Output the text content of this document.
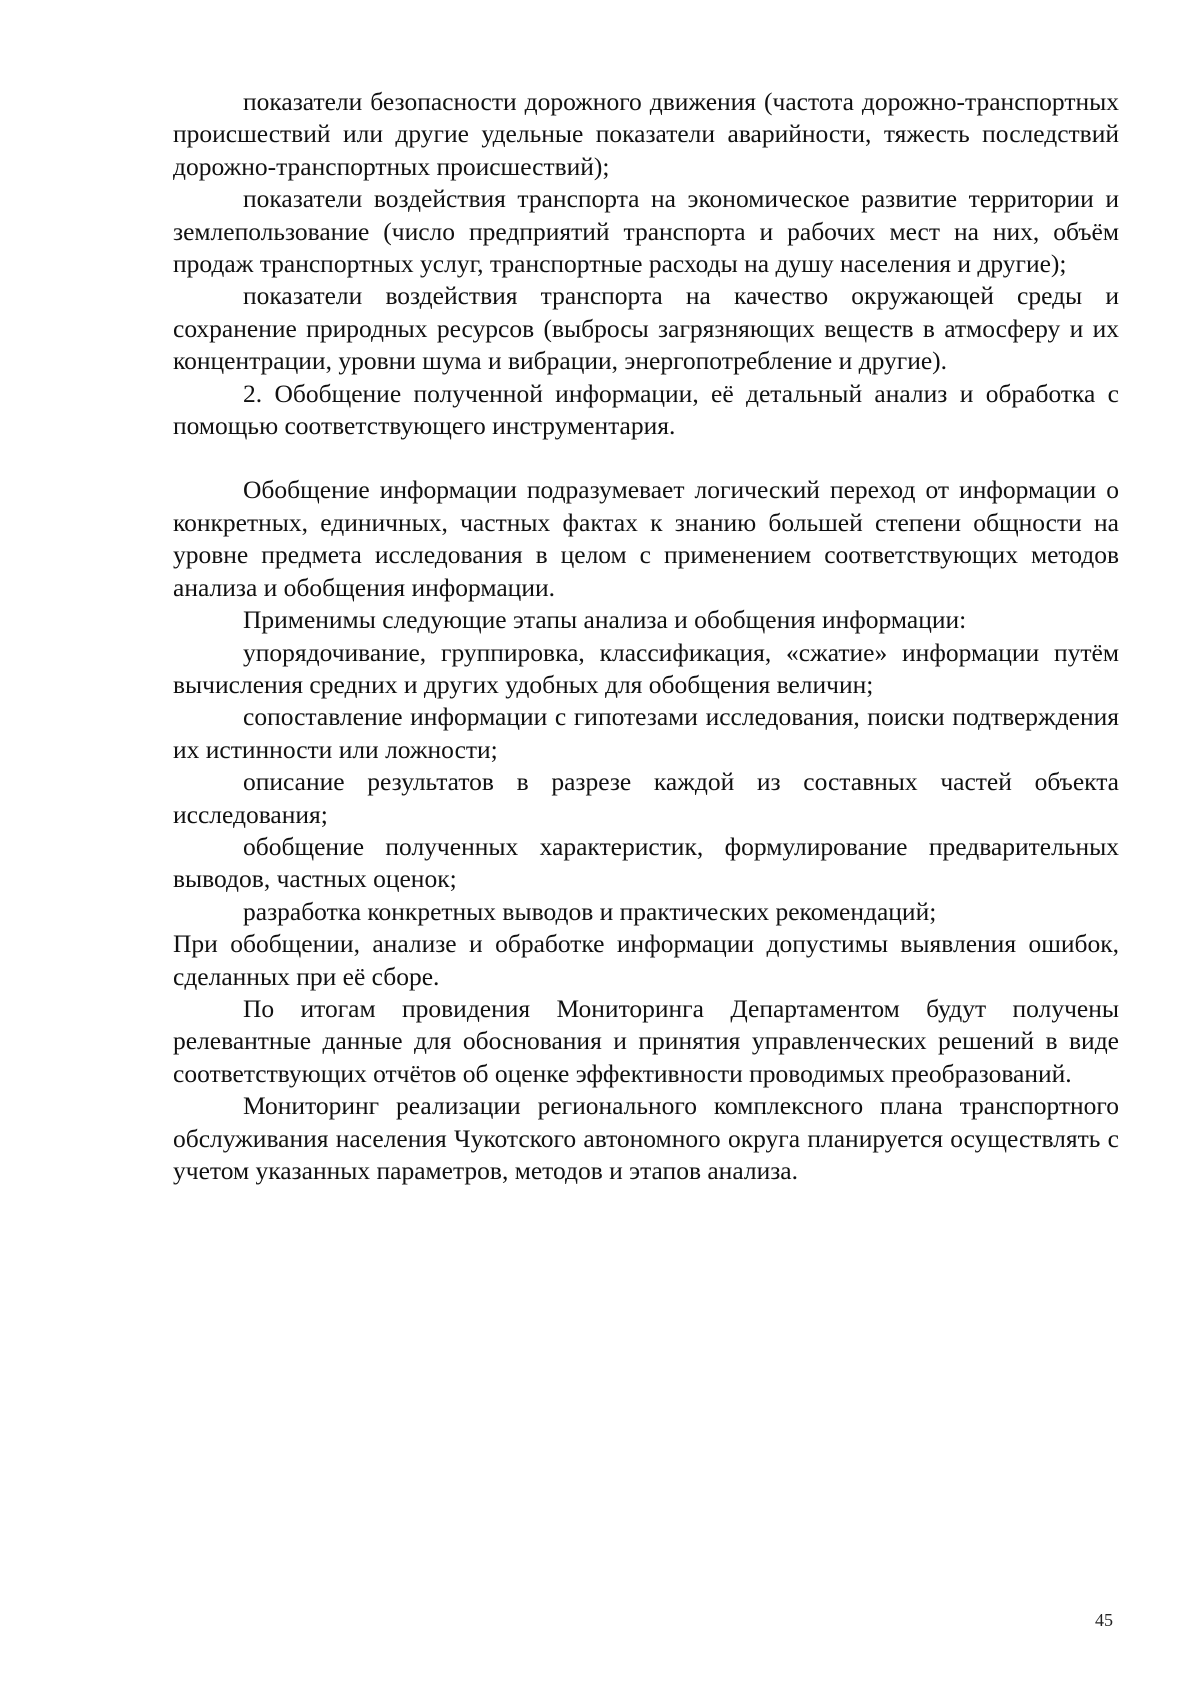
показатели безопасности дорожного движения (частота дорожно-транспортных происшествий или другие удельные показатели аварийности, тяжесть последствий дорожно-транспортных происшествий);

показатели воздействия транспорта на экономическое развитие территории и землепользование (число предприятий транспорта и рабочих мест на них, объём продаж транспортных услуг, транспортные расходы на душу населения и другие);

показатели воздействия транспорта на качество окружающей среды и сохранение природных ресурсов (выбросы загрязняющих веществ в атмосферу и их концентрации, уровни шума и вибрации, энергопотребление и другие).

2. Обобщение полученной информации, её детальный анализ и обработка с помощью соответствующего инструментария.

Обобщение информации подразумевает логический переход от информации о конкретных, единичных, частных фактах к знанию большей степени общности на уровне предмета исследования в целом с применением соответствующих методов анализа и обобщения информации.

Применимы следующие этапы анализа и обобщения информации:

упорядочивание, группировка, классификация, «сжатие» информации путём вычисления средних и других удобных для обобщения величин;

сопоставление информации с гипотезами исследования, поиски подтверждения их истинности или ложности;

описание результатов в разрезе каждой из составных частей объекта исследования;

обобщение полученных характеристик, формулирование предварительных выводов, частных оценок;

разработка конкретных выводов и практических рекомендаций;

При обобщении, анализе и обработке информации допустимы выявления ошибок, сделанных при её сборе.

По итогам провидения Мониторинга Департаментом будут получены релевантные данные для обоснования и принятия управленческих решений в виде соответствующих отчётов об оценке эффективности проводимых преобразований.

Мониторинг реализации регионального комплексного плана транспортного обслуживания населения Чукотского автономного округа планируется осуществлять с учетом указанных параметров, методов и этапов анализа.

45
